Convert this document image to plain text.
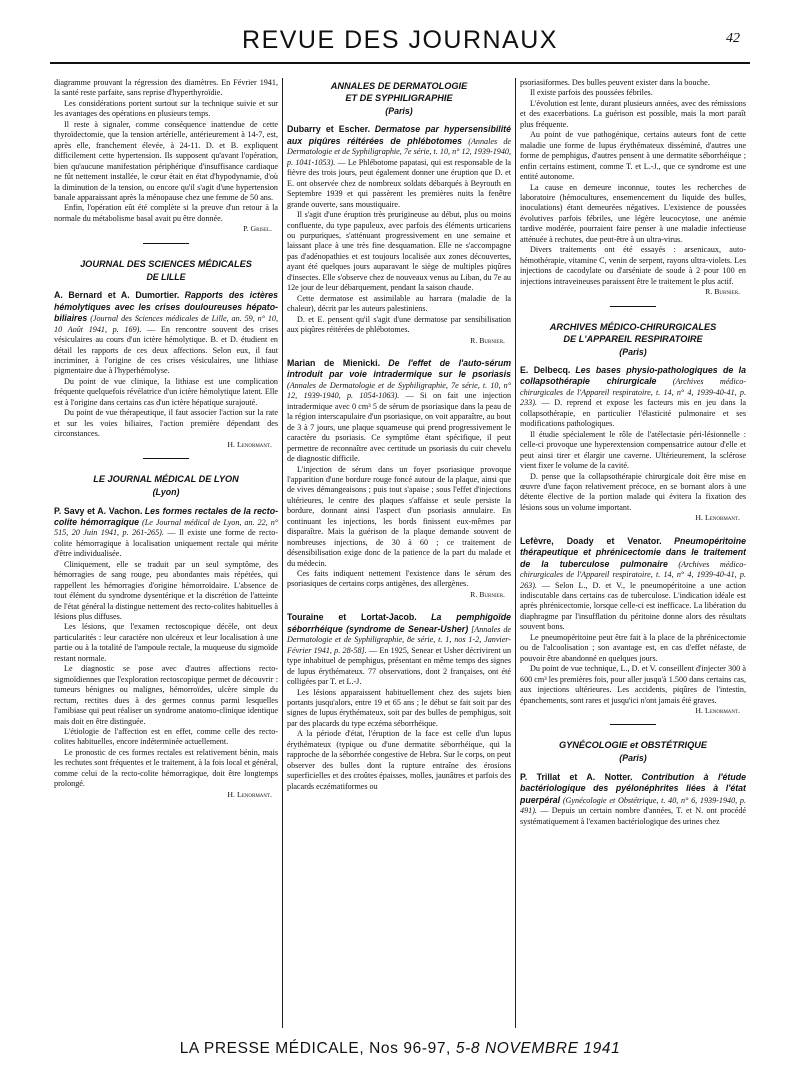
REVUE DES JOURNAUX	42

diagramme prouvant la régression des diamètres. En Février 1941, la santé reste parfaite, sans reprise d'hyperthyroïdie.

Les considérations portent surtout sur la technique suivie et sur les avantages des opérations en plusieurs temps.

Il reste à signaler, comme conséquence inattendue de cette thyroïdectomie, que la tension artérielle, antérieurement à 14-7, est, après elle, franchement élevée, à 24-11. D. et B. expliquent difficilement cette hypertension. Ils supposent qu'avant l'opération, bien qu'aucune manifestation périphérique d'insuffisance cardiaque ne fût nettement installée, le cœur était en état d'hypodynamie, d'où la diminution de la tension, ou encore qu'il s'agit d'une hypertension banale apparaissant après la ménopause chez une femme de 50 ans.

Enfin, l'opération eût été complète si la preuve d'un retour à la normale du métabolisme basal avait pu être donnée.

P. Grisel.

JOURNAL DES SCIENCES MÉDICALES

DE LILLE

A. Bernard et A. Dumortier. Rapports des ictères hémolytiques avec les crises douloureuses hépato-biliaires (Journal des Sciences médicales de Lille, an. 59, n° 10, 10 Août 1941, p. 169). — En rencontre souvent des crises vésiculaires au cours d'un ictère hémolytique. B. et D. étudient en détail les rapports de ces deux affections. Selon eux, il faut incriminer, à l'origine de ces crises vésiculaires, une lithiase pigmentaire due à l'hyperhémolyse.

Du point de vue clinique, la lithiase est une complication fréquente quelquefois révélatrice d'un ictère hémolytique latent. Elle est à l'origine dans certains cas d'un ictère hépatique surajouté.

Du point de vue thérapeutique, il faut associer l'action sur la rate et sur les voies biliaires, l'action première dépendant des circonstances.

H. Lenormant.

LE JOURNAL MÉDICAL DE LYON

(Lyon)

P. Savy et A. Vachon. Les formes rectales de la recto-colite hémorragique (Le Journal médical de Lyon, an. 22, n° 515, 20 Juin 1941, p. 261-265). — Il existe une forme de recto-colite hémorragique à localisation uniquement rectale qui mérite d'être individualisée.

Cliniquement, elle se traduit par un seul symptôme, des hémorragies de sang rouge, peu abondantes mais répétées, qui rappellent les hémorragies d'origine hémorroïdaire. L'absence de tout élément du syndrome dysentérique et la discrétion de l'atteinte de l'état général la distingue nettement des recto-colites habituelles à lésions plus diffuses.

Les lésions, que l'examen rectoscopique décèle, ont deux particularités : leur caractère non ulcéreux et leur localisation à une partie ou à la totalité de l'ampoule rectale, la muqueuse du sigmoïde restant normale.

Le diagnostic se pose avec d'autres affections recto-sigmoïdiennes que l'exploration rectoscopique permet de découvrir : tumeurs bénignes ou malignes, hémorroïdes, ulcère simple du rectum, rectites dues à des germes connus parmi lesquelles l'amibiase qui peut réaliser un syndrome anatomo-clinique identique mais doit en être distinguée.

L'étiologie de l'affection est en effet, comme celle des recto-colites habituelles, encore indéterminée actuellement.

Le pronostic de ces formes rectales est relativement bénin, mais les rechutes sont fréquentes et le traitement, à la fois local et général, comme celui de la recto-colite hémorragique, doit être longtemps prolongé.

H. Lenormant.

ANNALES DE DERMATOLOGIE

ET DE SYPHILIGRAPHIE

(Paris)

Dubarry et Escher. Dermatose par hypersensibilité aux piqûres réitérées de phlébotomes (Annales de Dermatologie et de Syphiligraphie, 7e série, t. 10, n° 12, 1939-1940, p. 1041-1053). — Le Phlébotome papatasi, qui est responsable de la fièvre des trois jours, peut également donner une éruption que D. et E. ont observée chez de nombreux soldats débarqués à Beyrouth en Septembre 1939 et qui passèrent les premières nuits la fenêtre grande ouverte, sans moustiquaire.

Il s'agit d'une éruption très prurigineuse au début, plus ou moins confluente, du type papuleux, avec parfois des éléments urticariens ou purpuriques, s'atténuant progressivement en une semaine et laissant place à une très fine desquamation. Elle ne s'accompagne pas d'adénopathies et est toujours localisée aux zones découvertes, ayant été quelques jours auparavant le siège de multiples piqûres d'insectes. Elle s'observe chez de nouveaux venus au Liban, du 7e au 12e jour de leur débarquement, pendant la saison chaude.

Cette dermatose est assimilable au harrara (maladie de la chaleur), décrit par les auteurs palestiniens.

D. et E. pensent qu'il s'agit d'une dermatose par sensibilisation aux piqûres réitérées de phlébotomes.

R. Burnier.

Marian de Mienicki. De l'effet de l'auto-sérum introduit par voie intradermique sur le psoriasis (Annales de Dermatologie et de Syphiligraphie, 7e série, t. 10, n° 12, 1939-1940, p. 1054-1063). — Si on fait une injection intradermique avec 0 cm³ 5 de sérum de psoriasique dans la peau de la région interscapulaire d'un psoriasique, on voit apparaître, au bout de 3 à 7 jours, une plaque squameuse qui prend progressivement le caractère du psoriasis. Ce symptôme étant spécifique, il peut permettre de reconnaître avec certitude un psoriasis du cuir chevelu de diagnostic difficile.

L'injection de sérum dans un foyer psoriasique provoque l'apparition d'une bordure rouge foncé autour de la plaque, ainsi que de vives démangeaisons ; puis tout s'apaise ; sous l'effet d'injections ultérieures, le centre des plaques s'affaisse et seule persiste la bordure, donnant ainsi l'aspect d'un psoriasis annulaire. En continuant les injections, les bords finissent eux-mêmes par disparaître. Mais la guérison de la plaque demande souvent de nombreuses injections, de 30 à 60 ; ce traitement de désensibilisation exige donc de la patience de la part du malade et du médecin.

Ces faits indiquent nettement l'existence dans le sérum des psoriasiques de certains corps antigènes, des allergènes.

R. Burnier.

Touraine et Lortat-Jacob. La pemphigoïde séborrhéique (syndrome de Senear-Usher) [Annales de Dermatologie et de Syphiligraphie, 8e série, t. 1, nos 1-2, Janvier-Février 1941, p. 28-58]. — En 1925, Senear et Usher décrivirent un type inhabituel de pemphigus, présentant en même temps des signes de lupus érythémateux. 77 observations, dont 2 françaises, ont été colligées par T. et L.-J.

Les lésions apparaissent habituellement chez des sujets bien portants jusqu'alors, entre 19 et 65 ans ; le début se fait soit par des signes de lupus érythémateux, soit par des bulles de pemphigus, soit par des placards du type eczéma séborrhéique.

A la période d'état, l'éruption de la face est celle d'un lupus érythémateux (typique ou d'une dermatite séborrhéique, qui la rapproche de la séborrhée congestive de Hebra. Sur le corps, on peut observer des bulles dont la rupture entraîne des érosions superficielles et des croûtes épaisses, molles, jaunâtres et parfois des placards eczématiformes ou

psoriasiformes. Des bulles peuvent exister dans la bouche.

Il existe parfois des poussées fébriles.

L'évolution est lente, durant plusieurs années, avec des rémissions et des exacerbations. La guérison est possible, mais la mort paraît plus fréquente.

Au point de vue pathogénique, certains auteurs font de cette maladie une forme de lupus érythémateux disséminé, d'autres une forme de pemphigus, d'autres pensent à une dermatite séborrhéique ; enfin certains estiment, comme T. et L.-J., que ce syndrome est une entité autonome.

La cause en demeure inconnue, toutes les recherches de laboratoire (hémocultures, ensemencement du liquide des bulles, inoculations) étant demeurées négatives. L'existence de poussées évolutives parfois fébriles, une légère leucocytose, une anémie tardive modérée, pourraient faire penser à une maladie infectieuse atténuée à rechutes, due peut-être à un ultra-virus.

Divers traitements ont été essayés : arsenicaux, auto-hémothérapie, vitamine C, venin de serpent, rayons ultra-violets. Les injections de cacodylate ou d'arséniate de soude à 2 pour 100 en injections intraveineuses paraissent être le traitement le plus actif.

R. Burnier.

ARCHIVES MÉDICO-CHIRURGICALES

DE L'APPAREIL RESPIRATOIRE

(Paris)

E. Delbecq. Les bases physio-pathologiques de la collapsothérapie chirurgicale (Archives médico-chirurgicales de l'Appareil respiratoire, t. 14, n° 4, 1939-40-41, p. 233). — D. reprend et expose les facteurs mis en jeu dans la collapsothérapie, en particulier l'élasticité pulmonaire et ses modifications pathologiques.

Il étudie spécialement le rôle de l'atélectasie péri-lésionnelle : celle-ci provoque une hyperextension compensatrice autour d'elle et peut ainsi tirer et élargir une caverne. Ultérieurement, la sclérose vient fixer le volume de la cavité.

D. pense que la collapsothérapie chirurgicale doit être mise en œuvre d'une façon relativement précoce, en se bornant alors à une détente élective de la portion malade qui évitera la fixation des lésions sous un volume important.

H. Lenormant.

Lefèvre, Doady et Venator. Pneumopéritoine thérapeutique et phrénicectomie dans le traitement de la tuberculose pulmonaire (Archives médico-chirurgicales de l'Appareil respiratoire, t. 14, n° 4, 1939-40-41, p. 263). — Selon L., D. et V., le pneumopéritoine a une action indiscutable dans certains cas de tuberculose. L'indication idéale est après phrénicectomie, lorsque celle-ci est inefficace. La libération du diaphragme par l'insufflation du péritoine donne alors des résultats souvent bons.

Le pneumopéritoine peut être fait à la place de la phrénicectomie ou de l'alcoolisation ; son avantage est, en cas d'effet néfaste, de pouvoir être abandonné en quelques jours.

Du point de vue technique, L., D. et V. conseillent d'injecter 300 à 600 cm³ les premières fois, pour aller jusqu'à 1.500 dans certains cas, aux injections ultérieures. Les accidents, piqûres de l'intestin, épanchements, sont rares et jusqu'ici n'ont jamais été graves.

H. Lenormant.

GYNÉCOLOGIE et OBSTÉTRIQUE

(Paris)

P. Trillat et A. Notter. Contribution à l'étude bactériologique des pyélonéphrites liées à l'état puerpéral (Gynécologie et Obstétrique, t. 40, n° 6, 1939-1940, p. 491). — Depuis un certain nombre d'années, T. et N. ont procédé systématiquement à l'examen bactériologique des urines chez

LA PRESSE MÉDICALE, Nos 96-97, 5-8 NOVEMBRE 1941
